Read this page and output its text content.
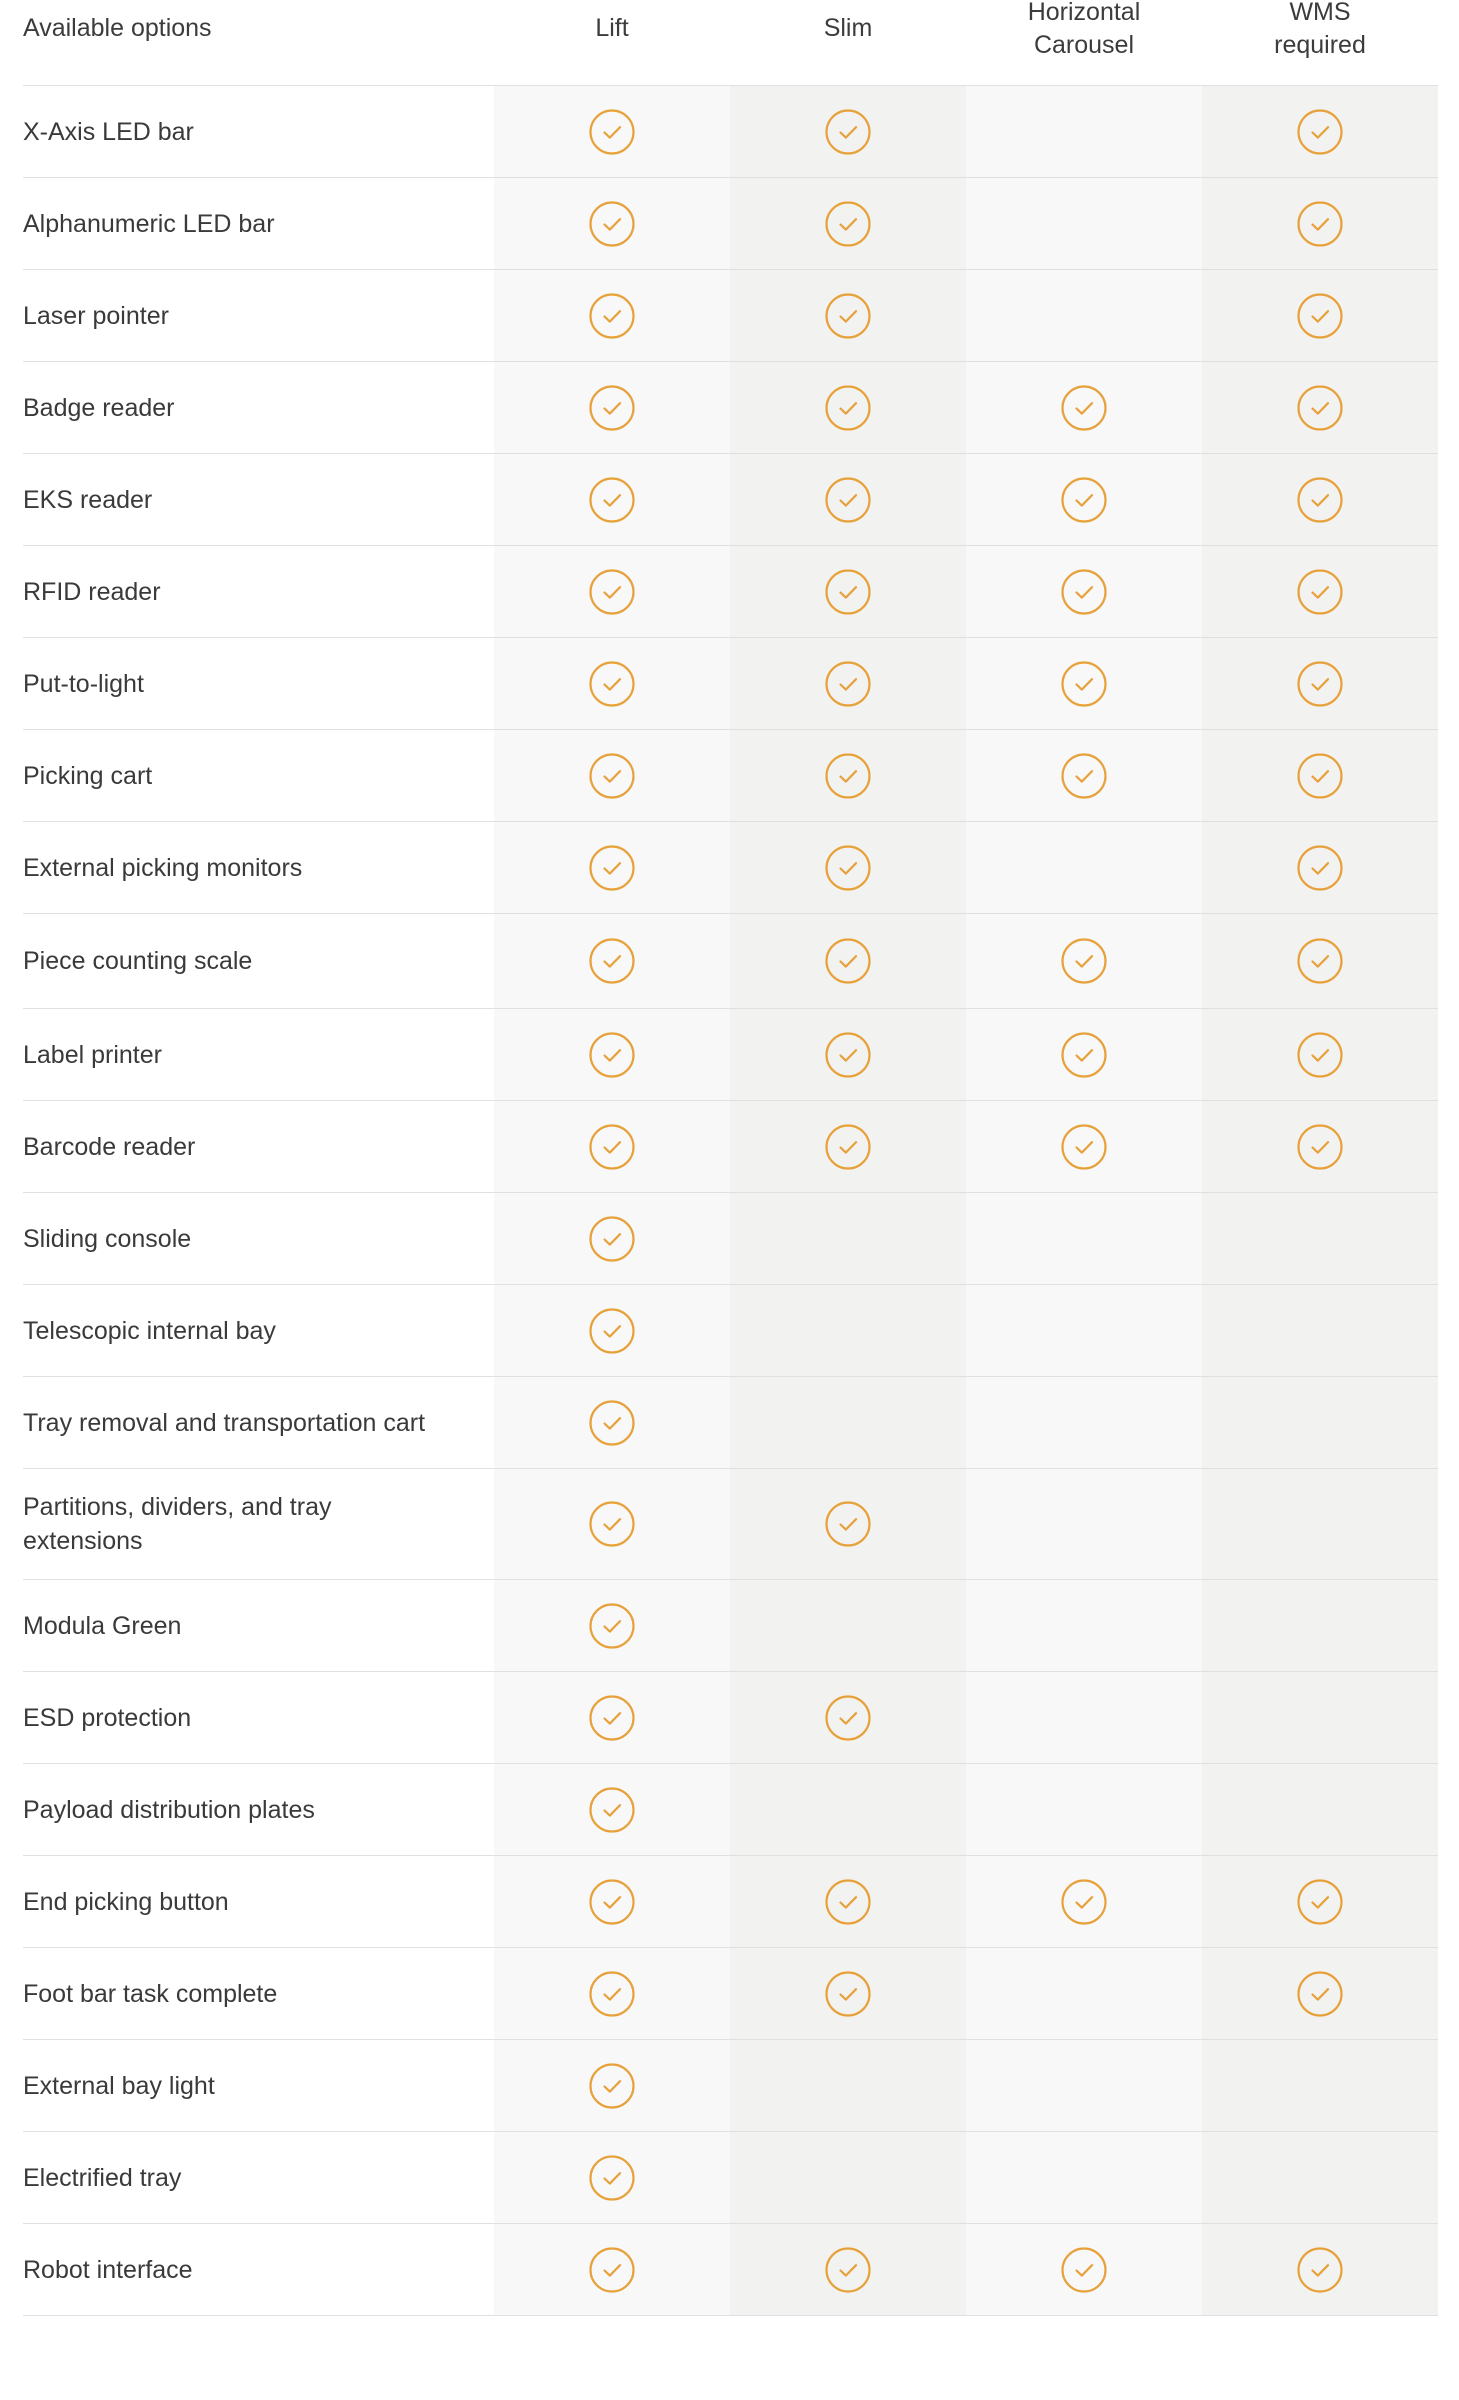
Available options	Lift	Slim
Horizontal
Carousel
WMS
required
X-Axis LED bar
Alphanumeric LED bar
Laser pointer
Badge reader
EKS reader
RFID reader
Put-to-light
Picking cart
External picking monitors
Piece counting scale
Label printer
Barcode reader
Sliding console
Telescopic internal bay
Tray removal and transportation cart
Partitions, dividers, and tray extensions
Modula Green
ESD protection
Payload distribution plates
End picking button
Foot bar task complete
External bay light
Electrified tray
Robot interface
